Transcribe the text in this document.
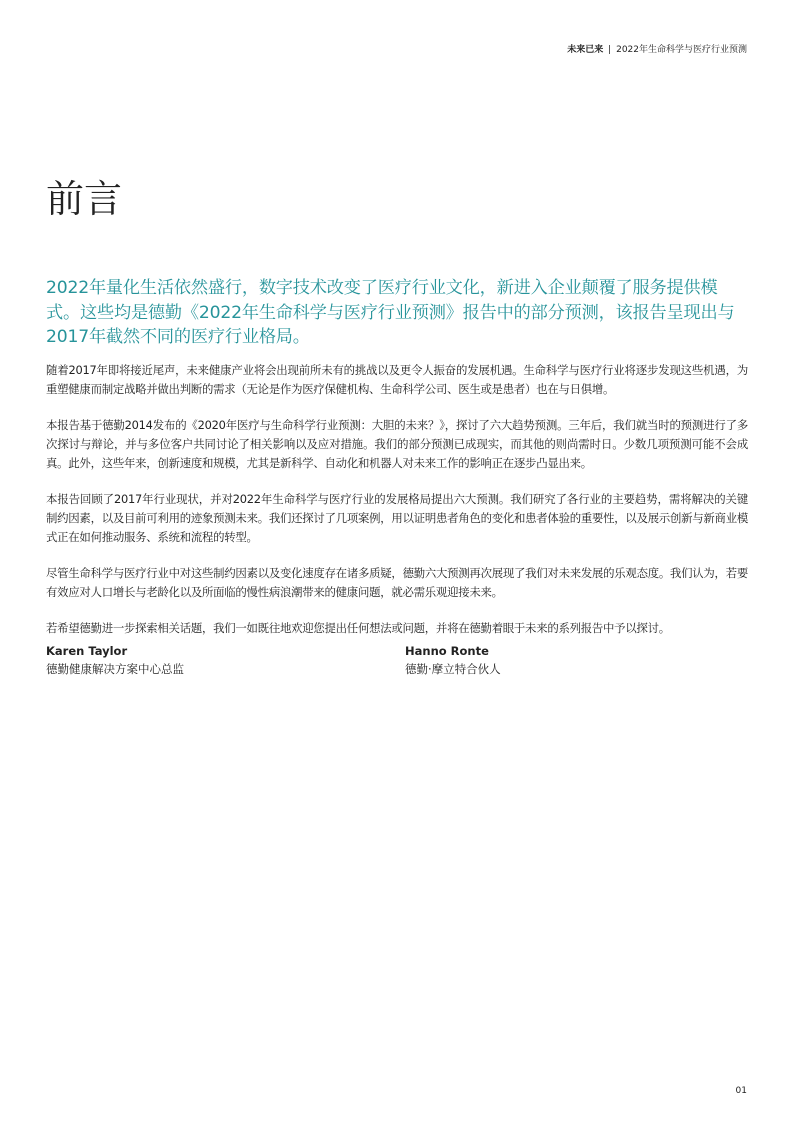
未来已来 | 2022年生命科学与医疗行业预测
前言

2022年量化生活依然盛行，数字技术改变了医疗行业文化，新进入企业颠覆了服务提供模式。这些均是德勤《2022年生命科学与医疗行业预测》报告中的部分预测，该报告呈现出与2017年截然不同的医疗行业格局。

随着2017年即将接近尾声，未来健康产业将会出现前所未有的挑战以及更令人振奋的发展机遇。生命科学与医疗行业将逐步发现这些机遇，为重塑健康而制定战略并做出判断的需求（无论是作为医疗保健机构、生命科学公司、医生或是患者）也在与日俱增。

本报告基于德勤2014发布的《2020年医疗与生命科学行业预测：大胆的未来？》，探讨了六大趋势预测。三年后，我们就当时的预测进行了多次探讨与辩论，并与多位客户共同讨论了相关影响以及应对措施。我们的部分预测已成现实，而其他的则尚需时日。少数几项预测可能不会成真。此外，这些年来，创新速度和规模，尤其是新科学、自动化和机器人对未来工作的影响正在逐步凸显出来。

本报告回顾了2017年行业现状，并对2022年生命科学与医疗行业的发展格局提出六大预测。我们研究了各行业的主要趋势，需将解决的关键制约因素，以及目前可利用的迹象预测未来。我们还探讨了几项案例，用以证明患者角色的变化和患者体验的重要性，以及展示创新与新商业模式正在如何推动服务、系统和流程的转型。

尽管生命科学与医疗行业中对这些制约因素以及变化速度存在诸多质疑，德勤六大预测再次展现了我们对未来发展的乐观态度。我们认为，若要有效应对人口增长与老龄化以及所面临的慢性病浪潮带来的健康问题，就必需乐观迎接未来。

若希望德勤进一步探索相关话题，我们一如既往地欢迎您提出任何想法或问题，并将在德勤着眼于未来的系列报告中予以探讨。

Karen Taylor
德勤健康解决方案中心总监
Hanno Ronte
德勤·摩立特合伙人
01
